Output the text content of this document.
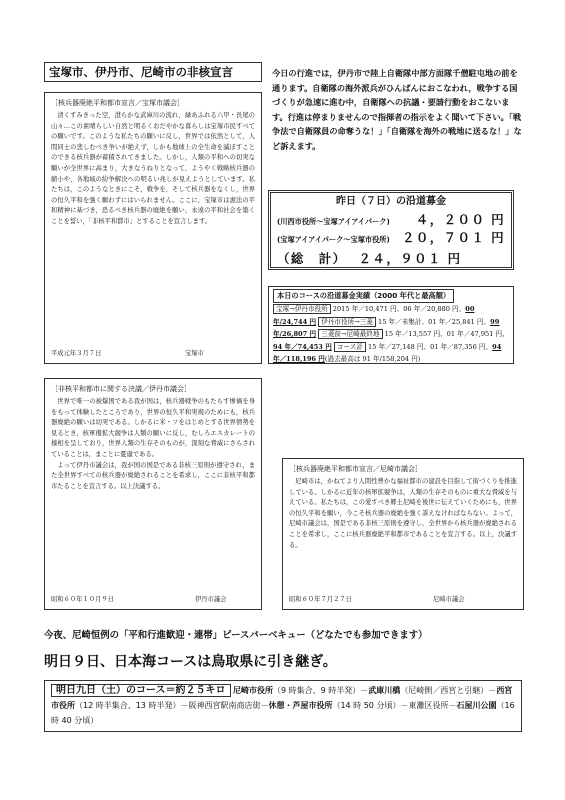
宝塚市、伊丹市、尼崎市の非核宣言	今日の行進では，伊丹市で陸上自衛隊中部方面隊千僧駐屯地の前を通ります。自衛隊の海外派兵がひんぱんにおこなわれ，戦争する国づくりが急速に進む中，自衛隊への抗議・要請行動をおこないます。行進は停まりませんので指揮者の指示をよく聞いて下さい。「戦争法で自衛隊員の命奪うな！」「自衛隊を海外の戦地に送るな！」など訴えます。
［核兵器廃絶平和都市宣言／宝塚市議会］

清くすみきった空，澄らかな武庫川の流れ，緑あふれる六甲・長尾の山々…この素晴らしい自然と明るくおだやかな暮らしは宝塚市民すべての願いです。このような私たちの願いに反し，世界では依然として，人間同士の悲しむべき争いが絶えず，しかも地球上の全生命を滅ぼすことのできる核兵器が蓄積されてきました。しかし，人類の平和への切実な願いが全世界に高まり，大きなうねりとなって，ようやく戦略核兵器の縮小や，各地域の紛争解決への明るい兆しが見えようとしています。私たちは，このようなときにこそ，戦争を，そして核兵器をなくし，世界の恒久平和を強く願わずにはいられません。ここに，宝塚市は憲法の平和精神に基づき，恐るべき核兵器の廃絶を願い，永遠の平和社会を築くことを誓い，「非核平和都市」とすることを宣言します。

平成元年３月７日	宝塚市
［非核平和都市に関する決議／伊丹市議会］

世界で唯一の被爆国である我が国は，核兵器戦争のもたらす惨禍を身をもって体験したところであり，世界の恒久平和実現のためにも，核兵器廃絶の願いは切実である。しかるに米・ソをはじめとする世界情勢を見るとき，核軍備拡大競争は人類の願いに反し，むしろエスカレートの様相を呈しており，世界人類の生存そのものが，深刻な脅威にさらされていることは，まことに憂慮である。

よって伊丹市議会は，我が国の国是である非核三原則が遵守され，また全世界すべての核兵器が廃絶されることを希求し，ここに非核平和都市たることを宣言する。以上決議する。

昭和６０年１０月９日	伊丹市議会
昨日（７日）の沿道募金
(川西市役所～宝塚アイアイパーク) ４，２００ 円
(宝塚アイアイパーク～宝塚市役所) ２０，７０１ 円
（総　計） ２４，９０１ 円
本日のコースの沿道募金実績（2000 年代と最高額）
宝塚→伊丹市役所 2015 年／10,471 円、06 年／20,880 円、00 年/24,744 円 伊丹市役所→三菱 15 年／未集計、01 年／25,841 円、99 年/26,807 円 三菱前→尼崎最終地 15 年／13,557 円、01 年／47,951 円、94 年／74,453 円 コース計 15 年／27,148 円、01 年／87,356 円、94 年／118,196 円(過去最高は 91 年/158,204 円)
［核兵器廃絶平和都市宣言／尼崎市議会］

尼崎市は，かねてより人間性豊かな福祉都市の建設を目指して街づくりを推進している。しかるに近年の核軍拡競争は，人類の生存そのものに重大な脅威を与えている。私たちは，この愛すべき郷土尼崎を後世に伝えていくためにも，世界の恒久平和を願い，今こそ核兵器の廃絶を強く訴えなければならない。よって，尼崎市議会は，国是である非核三原則を遵守し，全世界から核兵器が廃絶されることを希求し，ここに核兵器廃絶平和都市であることを宣言する。以上，決議する。

昭和６０年７月２７日	尼崎市議会
今夜、尼崎恒例の「平和行進歓迎・連帯」ピースバーベキュー（どなたでも参加できます）
明日９日、日本海コースは鳥取県に引き継ぎ。
明日九日（土）のコース＝約２５キロ 尼崎市役所（9 時集合、9 時半発）－武庫川橋（尼崎側／西宮と引継）－西宮市役所（12 時半集合、13 時半発）－阪神西宮駅南商店街－休憩・芦屋市役所（14 時 50 分頃）－東灘区役所－石屋川公園（16 時 40 分頃）
